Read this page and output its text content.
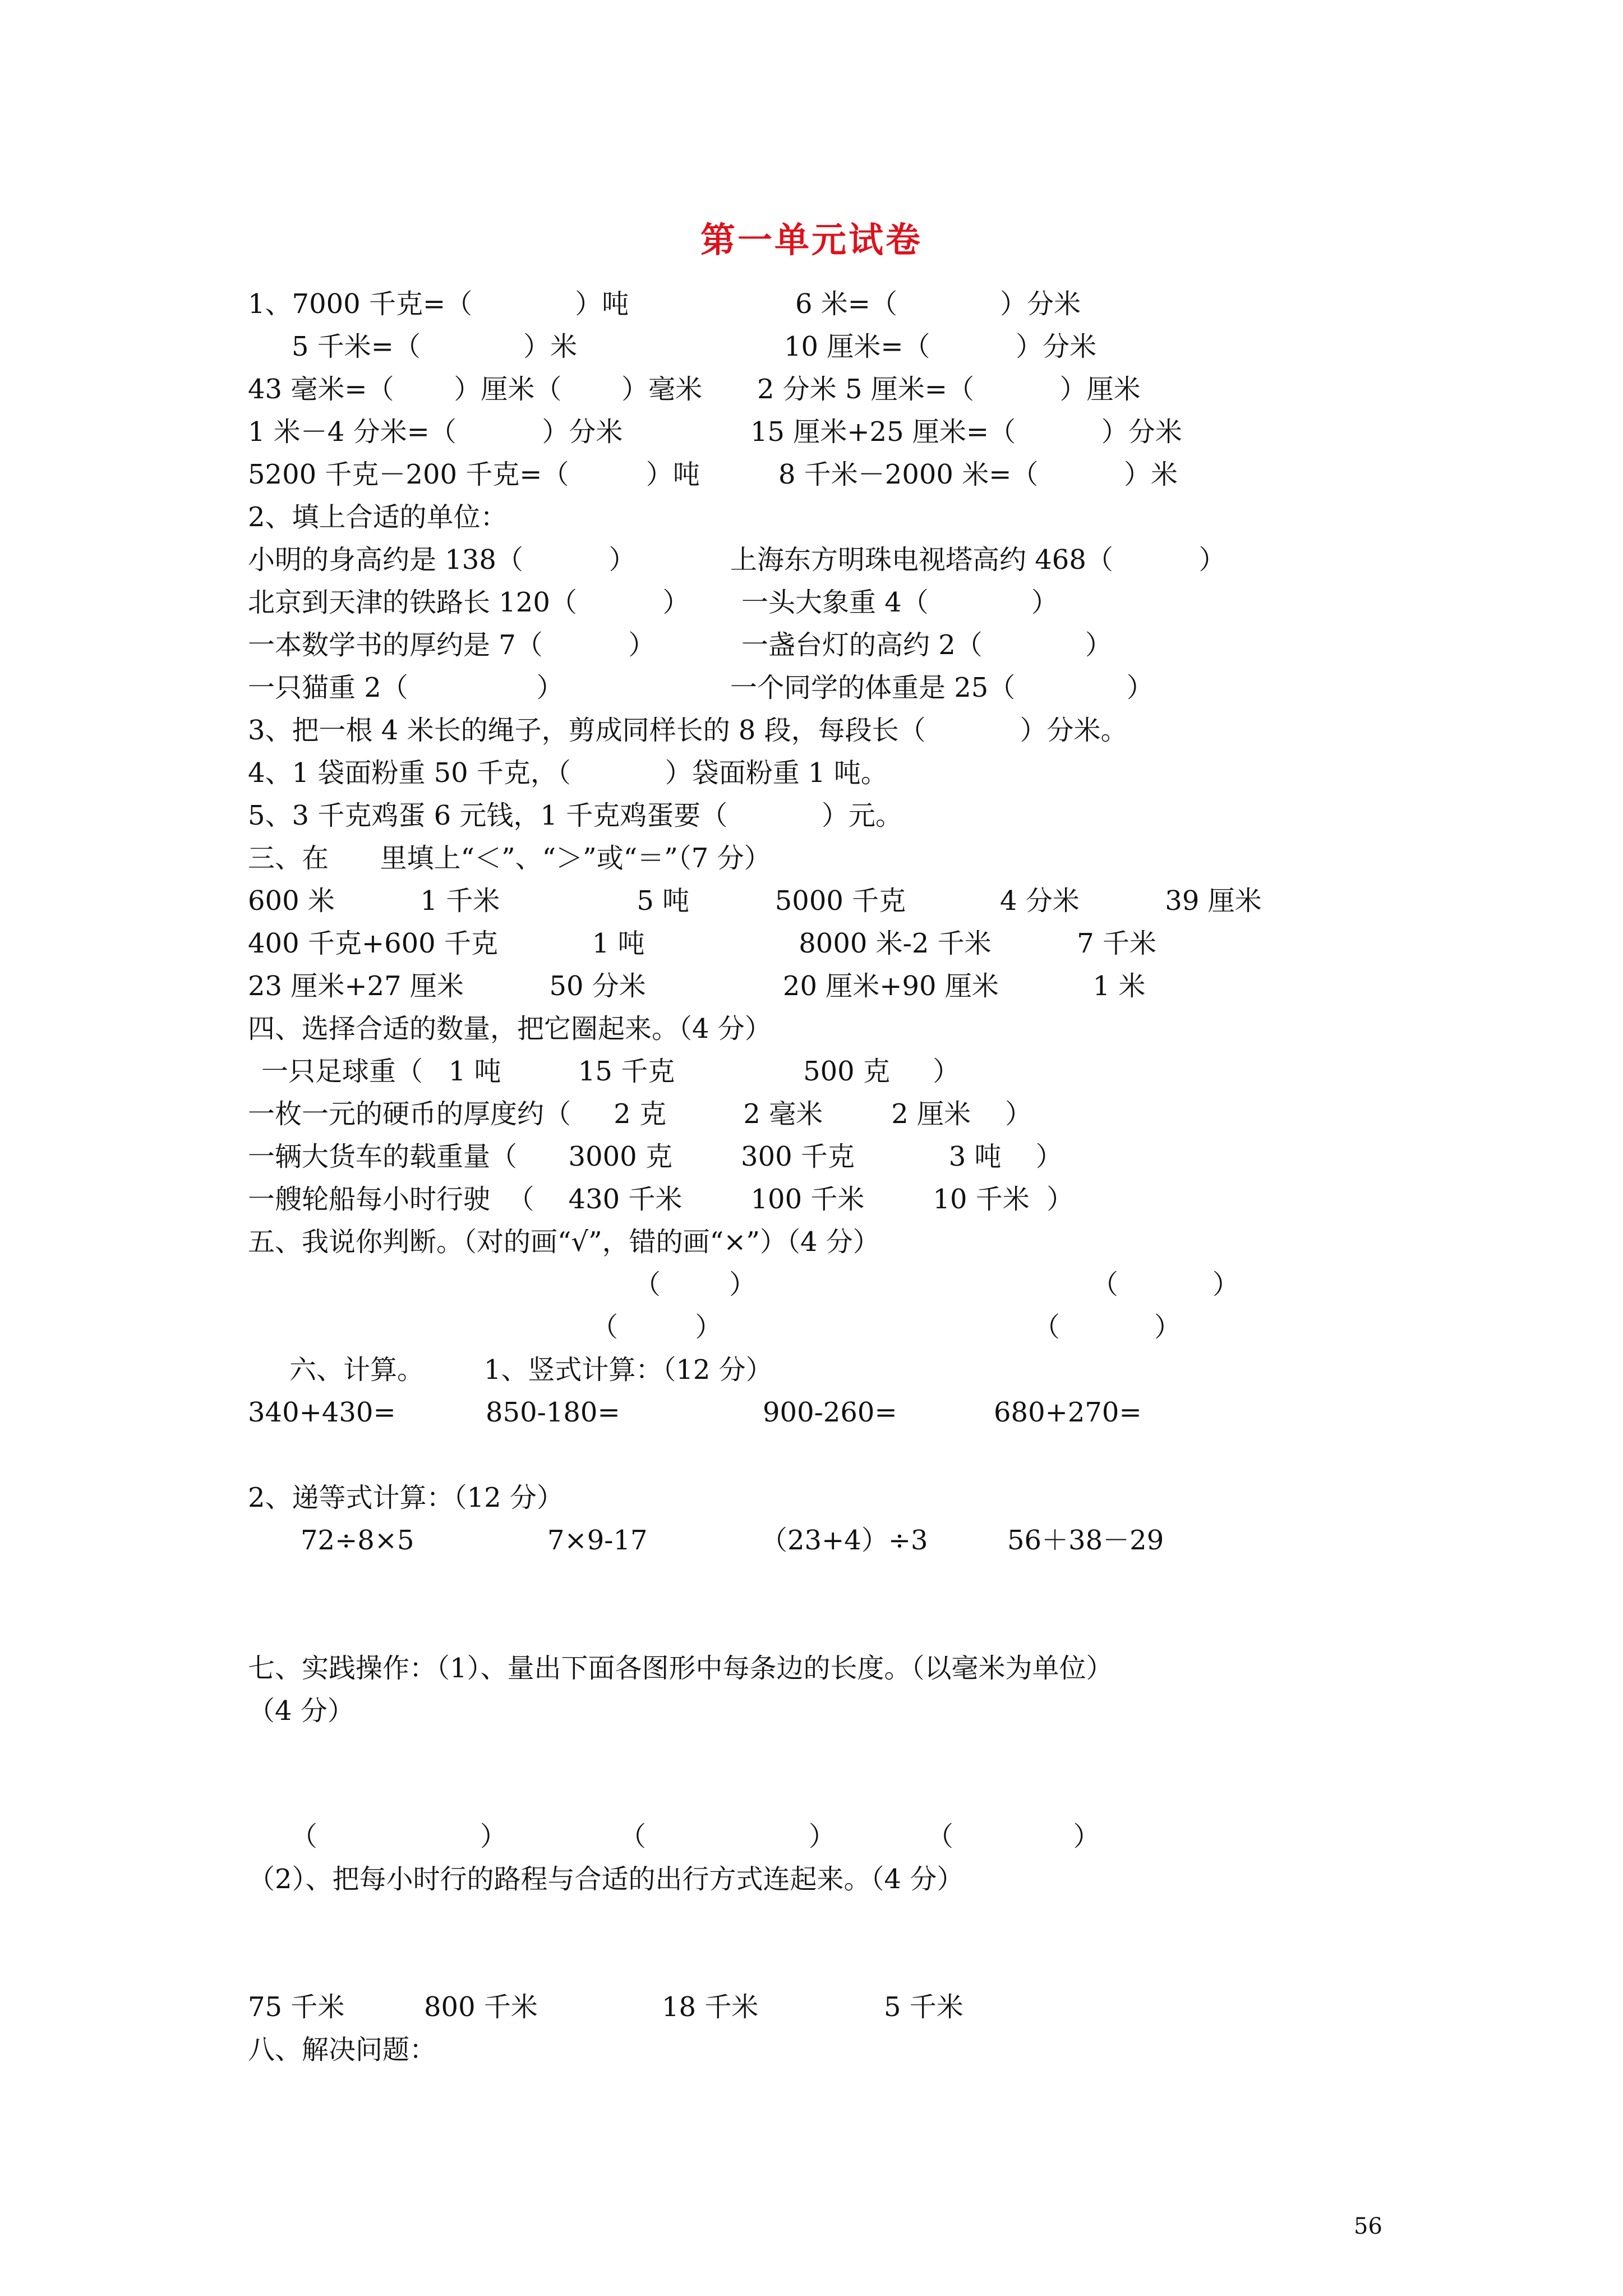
第一单元试卷
1、7000 千克=（            ）吨	6 米=（            ）分米
5 千米=（            ）米	10 厘米=（          ）分米
43 毫米=（       ）厘米（       ）毫米 2 分米 5 厘米=（          ）厘米
1 米－4 分米=（          ）分米	15 厘米+25 厘米=（          ）分米
5200 千克－200 千克=（         ）吨	8 千米－2000 米=（          ）米
2、填上合适的单位：
小明的身高约是 138（          ）	上海东方明珠电视塔高约 468（          ）
北京到天津的铁路长 120（          ） 一头大象重 4（            ）
一本数学书的厚约是 7（          ）	一盏台灯的高约 2（            ）
一只猫重 2（               ）	一个同学的体重是 25（             ）
3、把一根 4 米长的绳子，剪成同样长的 8 段，每段长（           ）分米。
4、1 袋面粉重 50 千克，（           ）袋面粉重 1 吨。
5、3 千克鸡蛋 6 元钱，1 千克鸡蛋要（           ）元。
三、在      里填上“＜”、“＞”或“＝”（7 分）
600 米          1 千米                5 吨          5000 千克           4 分米          39 厘米
400 千克+600 千克           1 吨                  8000 米-2 千米          7 千米
23 厘米+27 厘米          50 分米                20 厘米+90 厘米           1 米
四、选择合适的数量，把它圈起来。（4 分）
一只足球重（   1 吨         15 千克               500 克     ）
一枚一元的硬币的厚度约（     2 克         2 毫米        2 厘米    ）
一辆大货车的载重量（      3000 克        300 千克           3 吨    ）
一艘轮船每小时行驶  （    430 千米        100 千米        10 千米  ）
五、我说你判断。（对的画“√”，错的画“×”）（4 分）
（        ）	（           ）
（         ）	（           ）
六、计算。       1、竖式计算：（12 分）
340+430=	850-180=	900-260=	680+270=
2、递等式计算：（12 分）
72÷8×5	7×9-17	（23+4）÷3	56＋38－29
七、实践操作：（1）、量出下面各图形中每条边的长度。（以毫米为单位）
（4 分）
（                   ）	（                   ）	（              ）
（2）、把每小时行的路程与合适的出行方式连起来。（4 分）
75 千米	800 千米	18 千米	5 千米
八、解决问题：
56
